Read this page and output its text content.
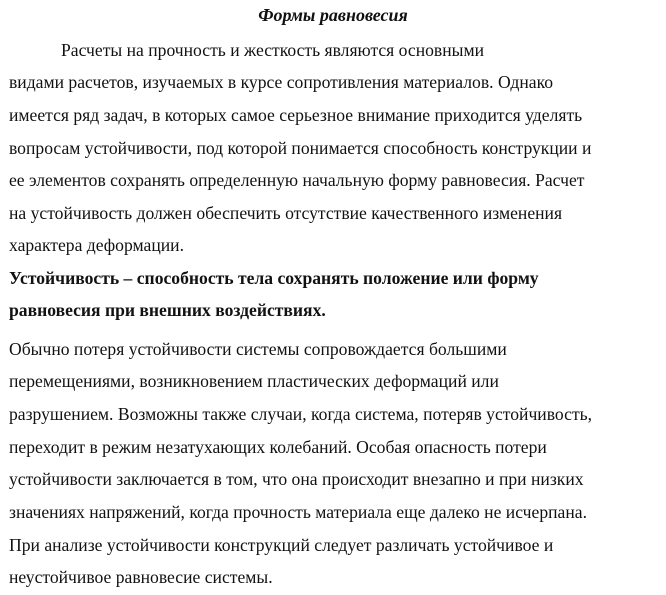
Формы равновесия
Расчеты на прочность и жесткость являются основными
видами расчетов, изучаемых в курсе сопротивления материалов. Однако
имеется ряд задач, в которых самое серьезное внимание приходится уделять
вопросам устойчивости, под которой понимается способность конструкции и
ее элементов сохранять определенную начальную форму равновесия. Расчет
на устойчивость должен обеспечить отсутствие качественного изменения
характера деформации.
Устойчивость – способность тела сохранять положение или форму
равновесия при внешних воздействиях.
Обычно потеря устойчивости системы сопровождается большими
перемещениями, возникновением пластических деформаций или
разрушением. Возможны также случаи, когда система, потеряв устойчивость,
переходит в режим незатухающих колебаний. Особая опасность потери
устойчивости заключается в том, что она происходит внезапно и при низких
значениях напряжений, когда прочность материала еще далеко не исчерпана.
При анализе устойчивости конструкций следует различать устойчивое и
неустойчивое равновесие системы.
